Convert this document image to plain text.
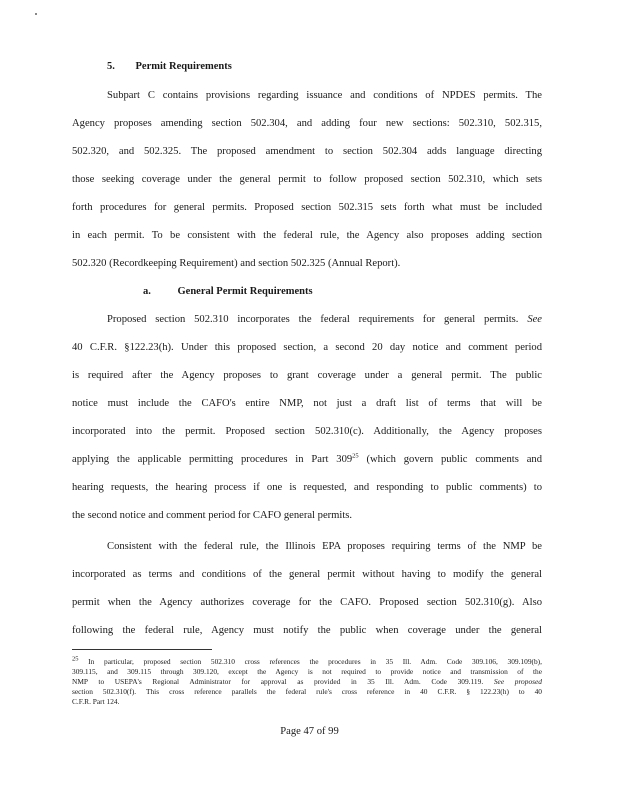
5. Permit Requirements
Subpart C contains provisions regarding issuance and conditions of NPDES permits. The
Agency proposes amending section 502.304, and adding four new sections: 502.310, 502.315,
502.320, and 502.325. The proposed amendment to section 502.304 adds language directing
those seeking coverage under the general permit to follow proposed section 502.310, which sets
forth procedures for general permits. Proposed section 502.315 sets forth what must be included
in each permit. To be consistent with the federal rule, the Agency also proposes adding section
502.320 (Recordkeeping Requirement) and section 502.325 (Annual Report).
a.	General Permit Requirements
Proposed section 502.310 incorporates the federal requirements for general permits. See
40 C.F.R. §122.23(h). Under this proposed section, a second 20 day notice and comment period
is required after the Agency proposes to grant coverage under a general permit. The public
notice must include the CAFO's entire NMP, not just a draft list of terms that will be
incorporated into the permit. Proposed section 502.310(c). Additionally, the Agency proposes
applying the applicable permitting procedures in Part $309^{25}$ (which govern public comments and
hearing requests, the hearing process if one is requested, and responding to public comments) to
the second notice and comment period for CAFO general permits.
Consistent with the federal rule, the Illinois EPA proposes requiring terms of the NMP be
incorporated as terms and conditions of the general permit without having to modify the general
permit when the Agency authorizes coverage for the CAFO. Proposed section 502.310(g). Also
following the federal rule, Agency must notify the public when coverage under the general
$^{25}$ In particular, proposed section 502.310 cross references the procedures in 35 Ill. Adm. Code 309.106, 309.109(b),
309.115, and 309.115 through 309.120, except the Agency is not required to provide notice and transmission of the
NMP to USEPA's Regional Administrator for approval as provided in 35 Ill. Adm. Code 309.119. See proposed
section 502.310(f). This cross reference parallels the federal rule's cross reference in 40 C.F.R. § 122.23(h) to 40
C.F.R. Part 124.
Page 47 of 99
